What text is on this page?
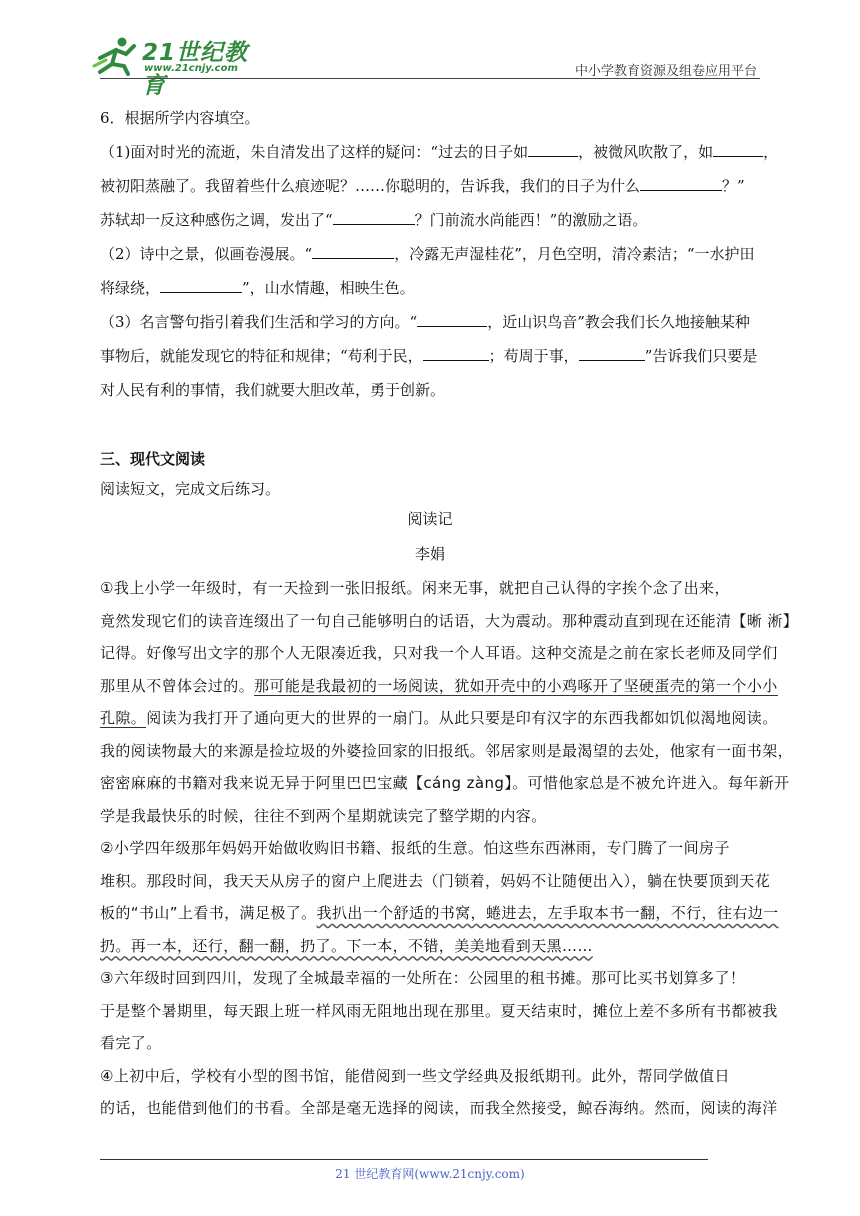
21世纪教育
www.21cnjy.com	中小学教育资源及组卷应用平台
6．根据所学内容填空。
（1)面对时光的流逝，朱自清发出了这样的疑问：“过去的日子如	，被微风吹散了，如	，
被初阳蒸融了。我留着些什么痕迹呢？……你聪明的，告诉我，我们的日子为什么	？”
苏轼却一反这种感伤之调，发出了“	？门前流水尚能西！”的激励之语。
（2）诗中之景，似画卷漫展。“	，冷露无声湿桂花”，月色空明，清冷素洁；“一水护田
将绿绕，	”，山水情趣，相映生色。
（3）名言警句指引着我们生活和学习的方向。“	，近山识鸟音”教会我们长久地接触某种
事物后，就能发现它的特征和规律；“苟利于民，	；苟周于事，	”告诉我们只要是
对人民有利的事情，我们就要大胆改革，勇于创新。
三、现代文阅读
阅读短文，完成文后练习。
阅读记
李娟
①我上小学一年级时，有一天捡到一张旧报纸。闲来无事，就把自己认得的字挨个念了出来，
竟然发现它们的读音连缀出了一句自己能够明白的话语，大为震动。那种震动直到现在还能清【晰 淅】
记得。好像写出文字的那个人无限凑近我，只对我一个人耳语。这种交流是之前在家长老师及同学们
那里从不曾体会过的。那可能是我最初的一场阅读，犹如开壳中的小鸡啄开了坚硬蛋壳的第一个小小
孔隙。阅读为我打开了通向更大的世界的一扇门。从此只要是印有汉字的东西我都如饥似渴地阅读。
我的阅读物最大的来源是捡垃圾的外婆捡回家的旧报纸。邻居家则是最渴望的去处，他家有一面书架，
密密麻麻的书籍对我来说无异于阿里巴巴宝藏【cáng zàng】。可惜他家总是不被允许进入。每年新开
学是我最快乐的时候，往往不到两个星期就读完了整学期的内容。
②小学四年级那年妈妈开始做收购旧书籍、报纸的生意。怕这些东西淋雨，专门腾了一间房子
堆积。那段时间，我天天从房子的窗户上爬进去（门锁着，妈妈不让随便出入），躺在快要顶到天花
板的“书山”上看书，满足极了。我扒出一个舒适的书窝，蜷进去，左手取本书一翻，不行，往右边一
扔。再一本，还行，翻一翻，扔了。下一本，不错，美美地看到天黑……
③六年级时回到四川，发现了全城最幸福的一处所在：公园里的租书摊。那可比买书划算多了！
于是整个暑期里，每天跟上班一样风雨无阻地出现在那里。夏天结束时，摊位上差不多所有书都被我
看完了。
④上初中后，学校有小型的图书馆，能借阅到一些文学经典及报纸期刊。此外，帮同学做值日
的话，也能借到他们的书看。全部是毫无选择的阅读，而我全然接受，鲸吞海纳。然而，阅读的海洋
21 世纪教育网(www.21cnjy.com)
